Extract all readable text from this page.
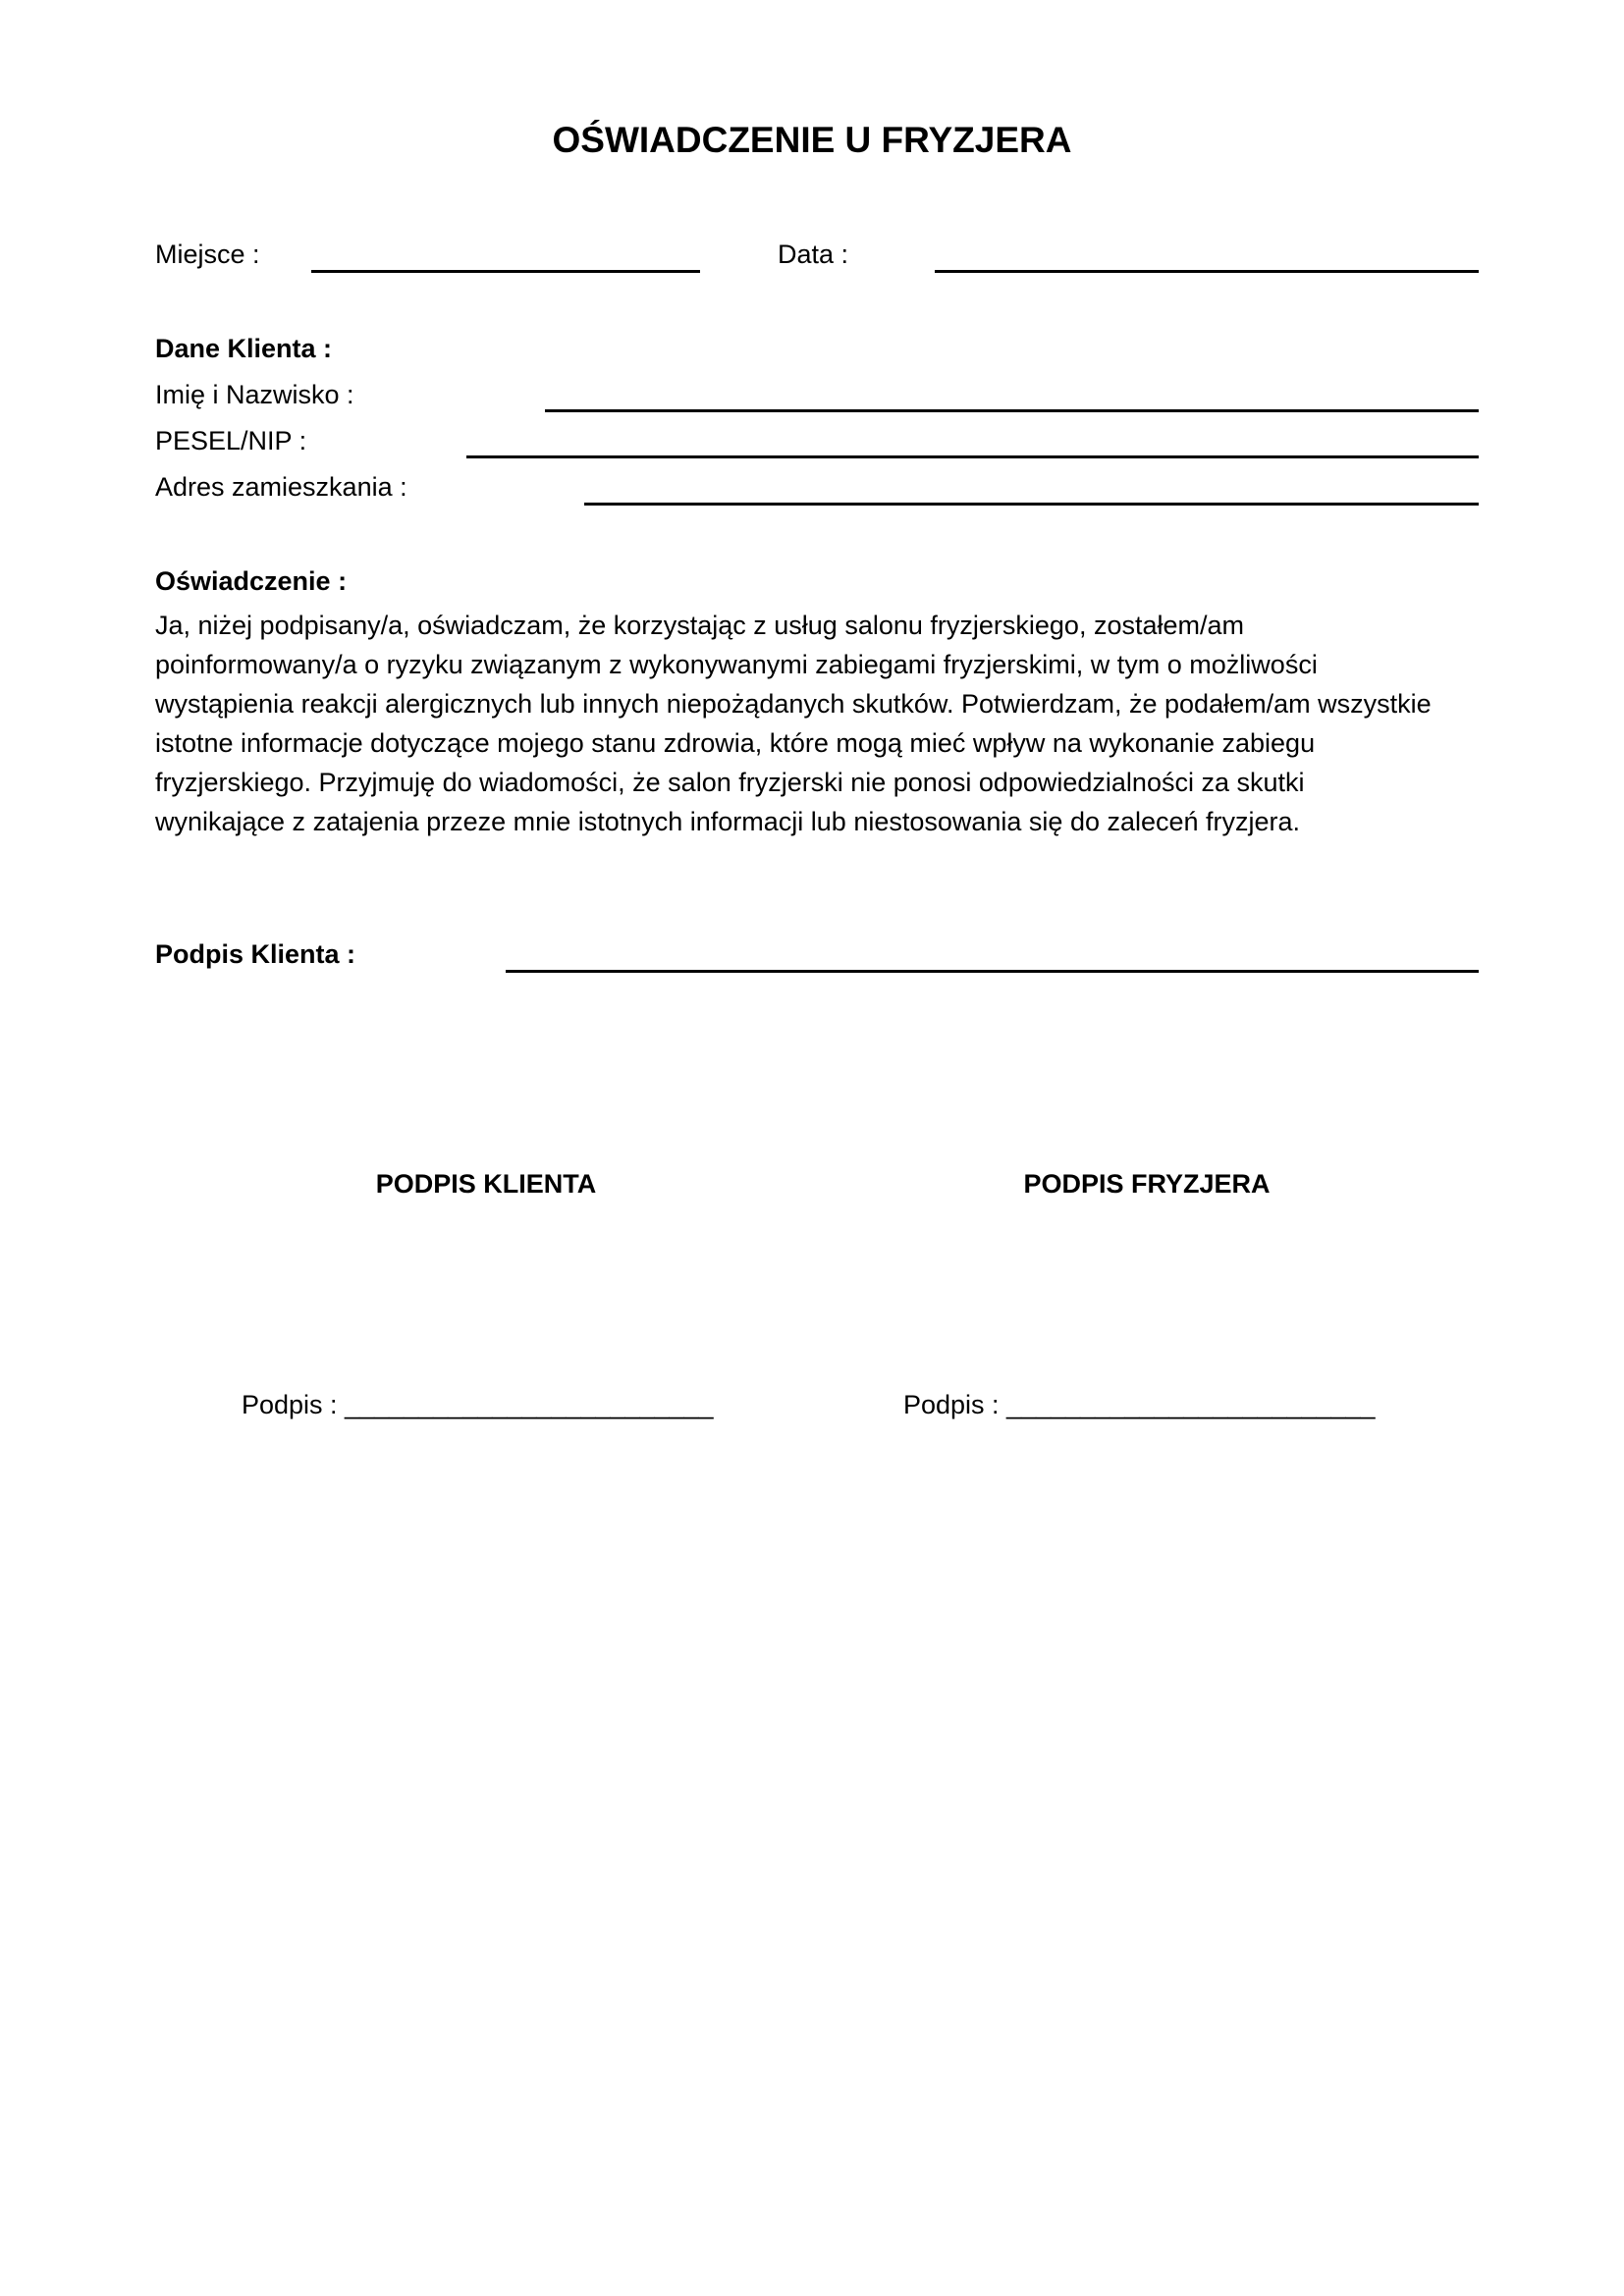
OŚWIADCZENIE U FRYZJERA
Miejsce :	Data :
Dane Klienta :
Imię i Nazwisko :
PESEL/NIP :
Adres zamieszkania :
Oświadczenie :
Ja, niżej podpisany/a, oświadczam, że korzystając z usług salonu fryzjerskiego, zostałem/am
poinformowany/a o ryzyku związanym z wykonywanymi zabiegami fryzjerskimi, w tym o możliwości
wystąpienia reakcji alergicznych lub innych niepożądanych skutków. Potwierdzam, że podałem/am wszystkie
istotne informacje dotyczące mojego stanu zdrowia, które mogą mieć wpływ na wykonanie zabiegu
fryzjerskiego. Przyjmuję do wiadomości, że salon fryzjerski nie ponosi odpowiedzialności za skutki
wynikające z zatajenia przeze mnie istotnych informacji lub niestosowania się do zaleceń fryzjera.
Podpis Klienta :
PODPIS KLIENTA	PODPIS FRYZJERA
Podpis : _________________________	Podpis : _________________________
